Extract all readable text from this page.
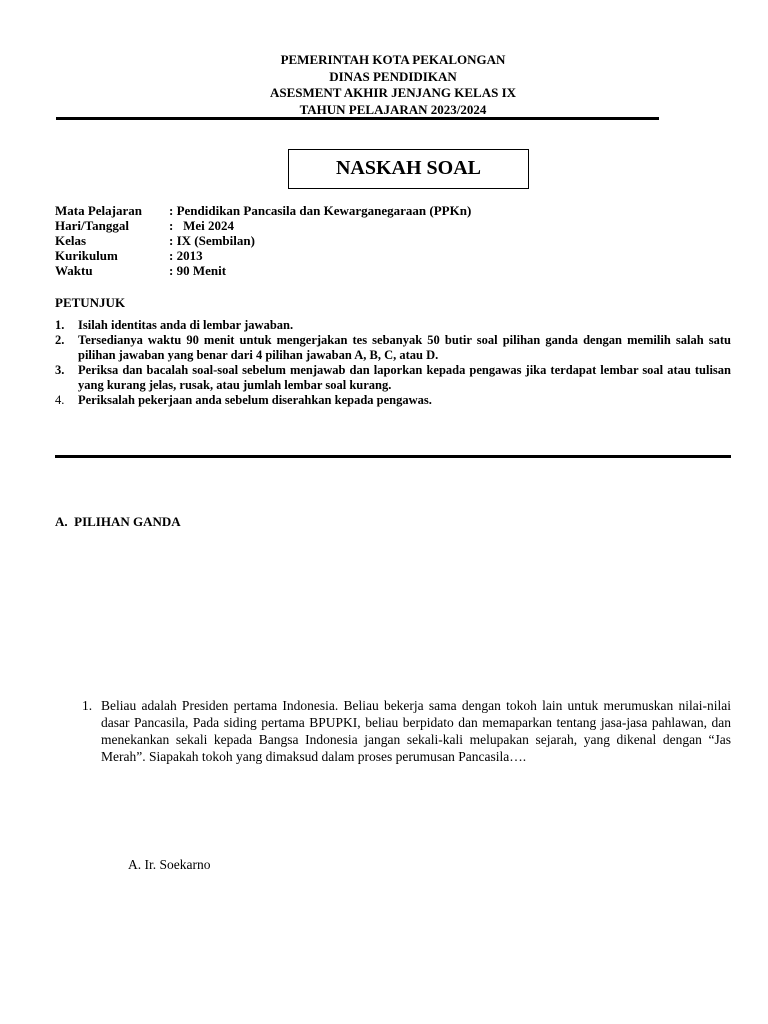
PEMERINTAH KOTA PEKALONGAN
DINAS PENDIDIKAN
ASESMENT AKHIR JENJANG KELAS IX
TAHUN PELAJARAN 2023/2024
NASKAH SOAL
Mata Pelajaran	: Pendidikan Pancasila dan Kewarganegaraan (PPKn)
Hari/Tanggal	:   Mei 2024
Kelas	: IX (Sembilan)
Kurikulum	: 2013
Waktu	: 90 Menit
PETUNJUK
1.	Isilah identitas anda di lembar jawaban.
2.	Tersedianya waktu 90 menit untuk mengerjakan tes sebanyak 50 butir soal pilihan ganda dengan memilih salah satu pilihan jawaban yang benar dari 4 pilihan jawaban A, B, C, atau D.
3.	Periksa dan bacalah soal-soal sebelum menjawab dan laporkan kepada pengawas jika terdapat lembar soal atau tulisan yang kurang jelas, rusak, atau jumlah lembar soal kurang.
4.	Periksalah pekerjaan anda sebelum diserahkan kepada pengawas.
A.  PILIHAN GANDA
1. Beliau adalah Presiden pertama Indonesia. Beliau bekerja sama dengan tokoh lain untuk merumuskan nilai-nilai dasar Pancasila, Pada siding pertama BPUPKI, beliau berpidato dan memaparkan tentang jasa-jasa pahlawan, dan menekankan sekali kepada Bangsa Indonesia jangan sekali-kali melupakan sejarah, yang dikenal dengan “Jas Merah”. Siapakah tokoh yang dimaksud dalam proses perumusan Pancasila….
A. Ir. Soekarno
